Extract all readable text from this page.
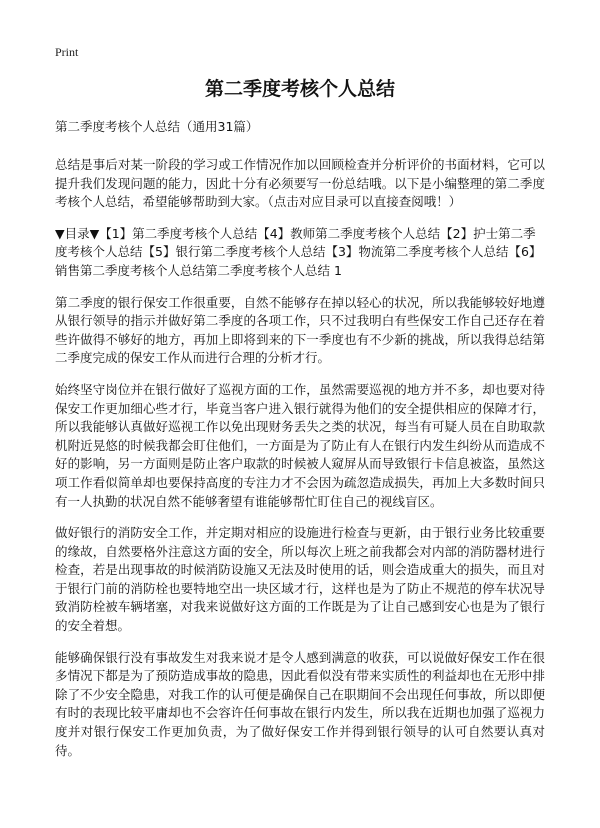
Print
第二季度考核个人总结
第二季度考核个人总结（通用31篇）

总结是事后对某一阶段的学习或工作情况作加以回顾检查并分析评价的书面材料，它可以提升我们发现问题的能力，因此十分有必须要写一份总结哦。以下是小编整理的第二季度考核个人总结，希望能够帮助到大家。（点击对应目录可以直接查阅哦！）

▼目录▼【1】第二季度考核个人总结【4】教师第二季度考核个人总结【2】护士第二季度考核个人总结【5】银行第二季度考核个人总结【3】物流第二季度考核个人总结【6】销售第二季度考核个人总结第二季度考核个人总结 1

第二季度的银行保安工作很重要，自然不能够存在掉以轻心的状况，所以我能够较好地遵从银行领导的指示并做好第二季度的各项工作，只不过我明白有些保安工作自己还存在着些许做得不够好的地方，再加上即将到来的下一季度也有不少新的挑战，所以我得总结第二季度完成的保安工作从而进行合理的分析才行。

始终坚守岗位并在银行做好了巡视方面的工作，虽然需要巡视的地方并不多，却也要对待保安工作更加细心些才行，毕竟当客户进入银行就得为他们的安全提供相应的保障才行，所以我能够认真做好巡视工作以免出现财务丢失之类的状况，每当有可疑人员在自助取款机附近晃悠的时候我都会盯住他们，一方面是为了防止有人在银行内发生纠纷从而造成不好的影响，另一方面则是防止客户取款的时候被人窥屏从而导致银行卡信息被盗，虽然这项工作看似简单却也要保持高度的专注力才不会因为疏忽造成损失，再加上大多数时间只有一人执勤的状况自然不能够奢望有谁能够帮忙盯住自己的视线盲区。

做好银行的消防安全工作，并定期对相应的设施进行检查与更新，由于银行业务比较重要的缘故，自然要格外注意这方面的安全，所以每次上班之前我都会对内部的消防器材进行检查，若是出现事故的时候消防设施又无法及时使用的话，则会造成重大的损失，而且对于银行门前的消防栓也要特地空出一块区域才行，这样也是为了防止不规范的停车状况导致消防栓被车辆堵塞，对我来说做好这方面的工作既是为了让自己感到安心也是为了银行的安全着想。

能够确保银行没有事故发生对我来说才是令人感到满意的收获，可以说做好保安工作在很多情况下都是为了预防造成事故的隐患，因此看似没有带来实质性的利益却也在无形中排除了不少安全隐患，对我工作的认可便是确保自己在职期间不会出现任何事故，所以即便有时的表现比较平庸却也不会容许任何事故在银行内发生，所以我在近期也加强了巡视力度并对银行保安工作更加负责，为了做好保安工作并得到银行领导的认可自然要认真对待。
